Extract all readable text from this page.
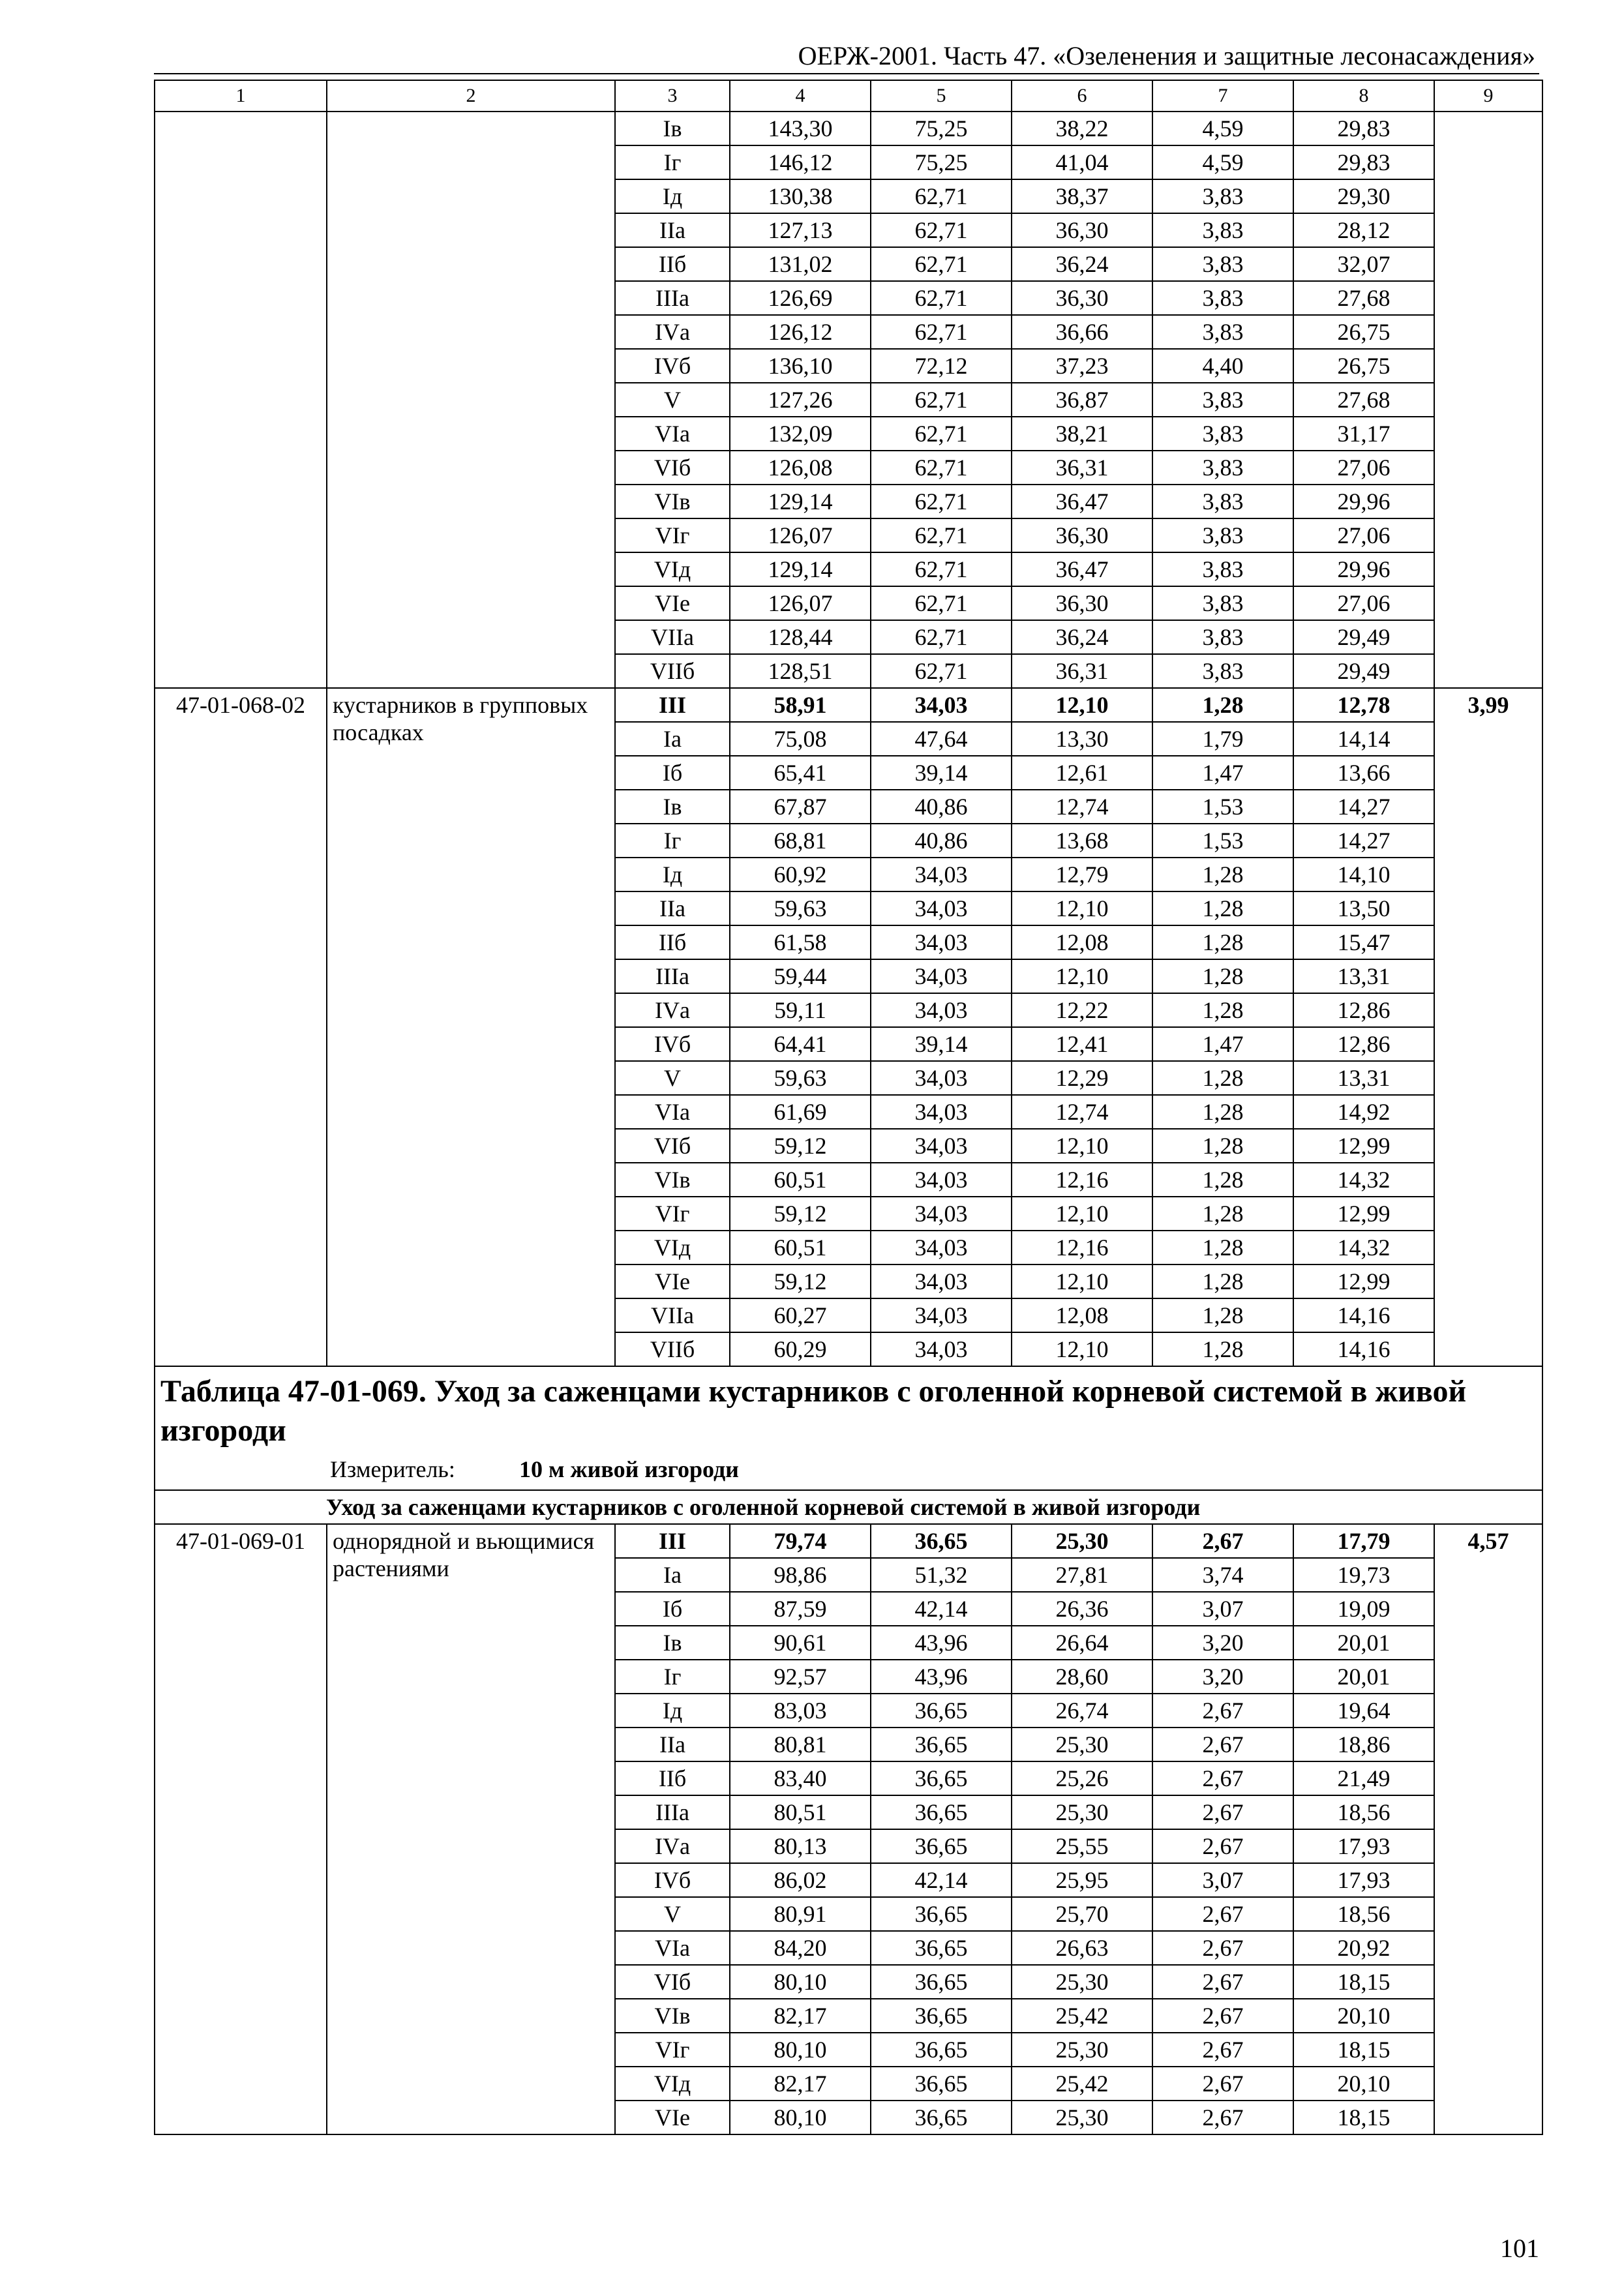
ОЕРЖ-2001. Часть 47. «Озеленения и защитные лесонасаждения»
1	2	3	4	5	6	7	8	9
		Iв	143,30	75,25	38,22	4,59	29,83	
		Iг	146,12	75,25	41,04	4,59	29,83	
		Iд	130,38	62,71	38,37	3,83	29,30	
		IIа	127,13	62,71	36,30	3,83	28,12	
		IIб	131,02	62,71	36,24	3,83	32,07	
		IIIа	126,69	62,71	36,30	3,83	27,68	
		IVа	126,12	62,71	36,66	3,83	26,75	
		IVб	136,10	72,12	37,23	4,40	26,75	
		V	127,26	62,71	36,87	3,83	27,68	
		VIа	132,09	62,71	38,21	3,83	31,17	
		VIб	126,08	62,71	36,31	3,83	27,06	
		VIв	129,14	62,71	36,47	3,83	29,96	
		VIг	126,07	62,71	36,30	3,83	27,06	
		VIд	129,14	62,71	36,47	3,83	29,96	
		VIе	126,07	62,71	36,30	3,83	27,06	
		VIIа	128,44	62,71	36,24	3,83	29,49	
		VIIб	128,51	62,71	36,31	3,83	29,49	
47-01-068-02	кустарников в групповых посадках	III	58,91	34,03	12,10	1,28	12,78	3,99
		Iа	75,08	47,64	13,30	1,79	14,14	
		Iб	65,41	39,14	12,61	1,47	13,66	
		Iв	67,87	40,86	12,74	1,53	14,27	
		Iг	68,81	40,86	13,68	1,53	14,27	
		Iд	60,92	34,03	12,79	1,28	14,10	
		IIа	59,63	34,03	12,10	1,28	13,50	
		IIб	61,58	34,03	12,08	1,28	15,47	
		IIIа	59,44	34,03	12,10	1,28	13,31	
		IVа	59,11	34,03	12,22	1,28	12,86	
		IVб	64,41	39,14	12,41	1,47	12,86	
		V	59,63	34,03	12,29	1,28	13,31	
		VIа	61,69	34,03	12,74	1,28	14,92	
		VIб	59,12	34,03	12,10	1,28	12,99	
		VIв	60,51	34,03	12,16	1,28	14,32	
		VIг	59,12	34,03	12,10	1,28	12,99	
		VIд	60,51	34,03	12,16	1,28	14,32	
		VIе	59,12	34,03	12,10	1,28	12,99	
		VIIа	60,27	34,03	12,08	1,28	14,16	
		VIIб	60,29	34,03	12,10	1,28	14,16	

Таблица 47-01-069. Уход за саженцами кустарников с оголенной корневой системой в живой изгороди
Измеритель: 10 м живой изгороди								

Уход за саженцами кустарников с оголенной корневой системой в живой изгороди								
47-01-069-01	однорядной и вьющимися растениями	III	79,74	36,65	25,30	2,67	17,79	4,57
		Iа	98,86	51,32	27,81	3,74	19,73	
		Iб	87,59	42,14	26,36	3,07	19,09	
		Iв	90,61	43,96	26,64	3,20	20,01	
		Iг	92,57	43,96	28,60	3,20	20,01	
		Iд	83,03	36,65	26,74	2,67	19,64	
		IIа	80,81	36,65	25,30	2,67	18,86	
		IIб	83,40	36,65	25,26	2,67	21,49	
		IIIа	80,51	36,65	25,30	2,67	18,56	
		IVа	80,13	36,65	25,55	2,67	17,93	
		IVб	86,02	42,14	25,95	3,07	17,93	
		V	80,91	36,65	25,70	2,67	18,56	
		VIа	84,20	36,65	26,63	2,67	20,92	
		VIб	80,10	36,65	25,30	2,67	18,15	
		VIв	82,17	36,65	25,42	2,67	20,10	
		VIг	80,10	36,65	25,30	2,67	18,15	
		VIд	82,17	36,65	25,42	2,67	20,10	
		VIе	80,10	36,65	25,30	2,67	18,15	
101
